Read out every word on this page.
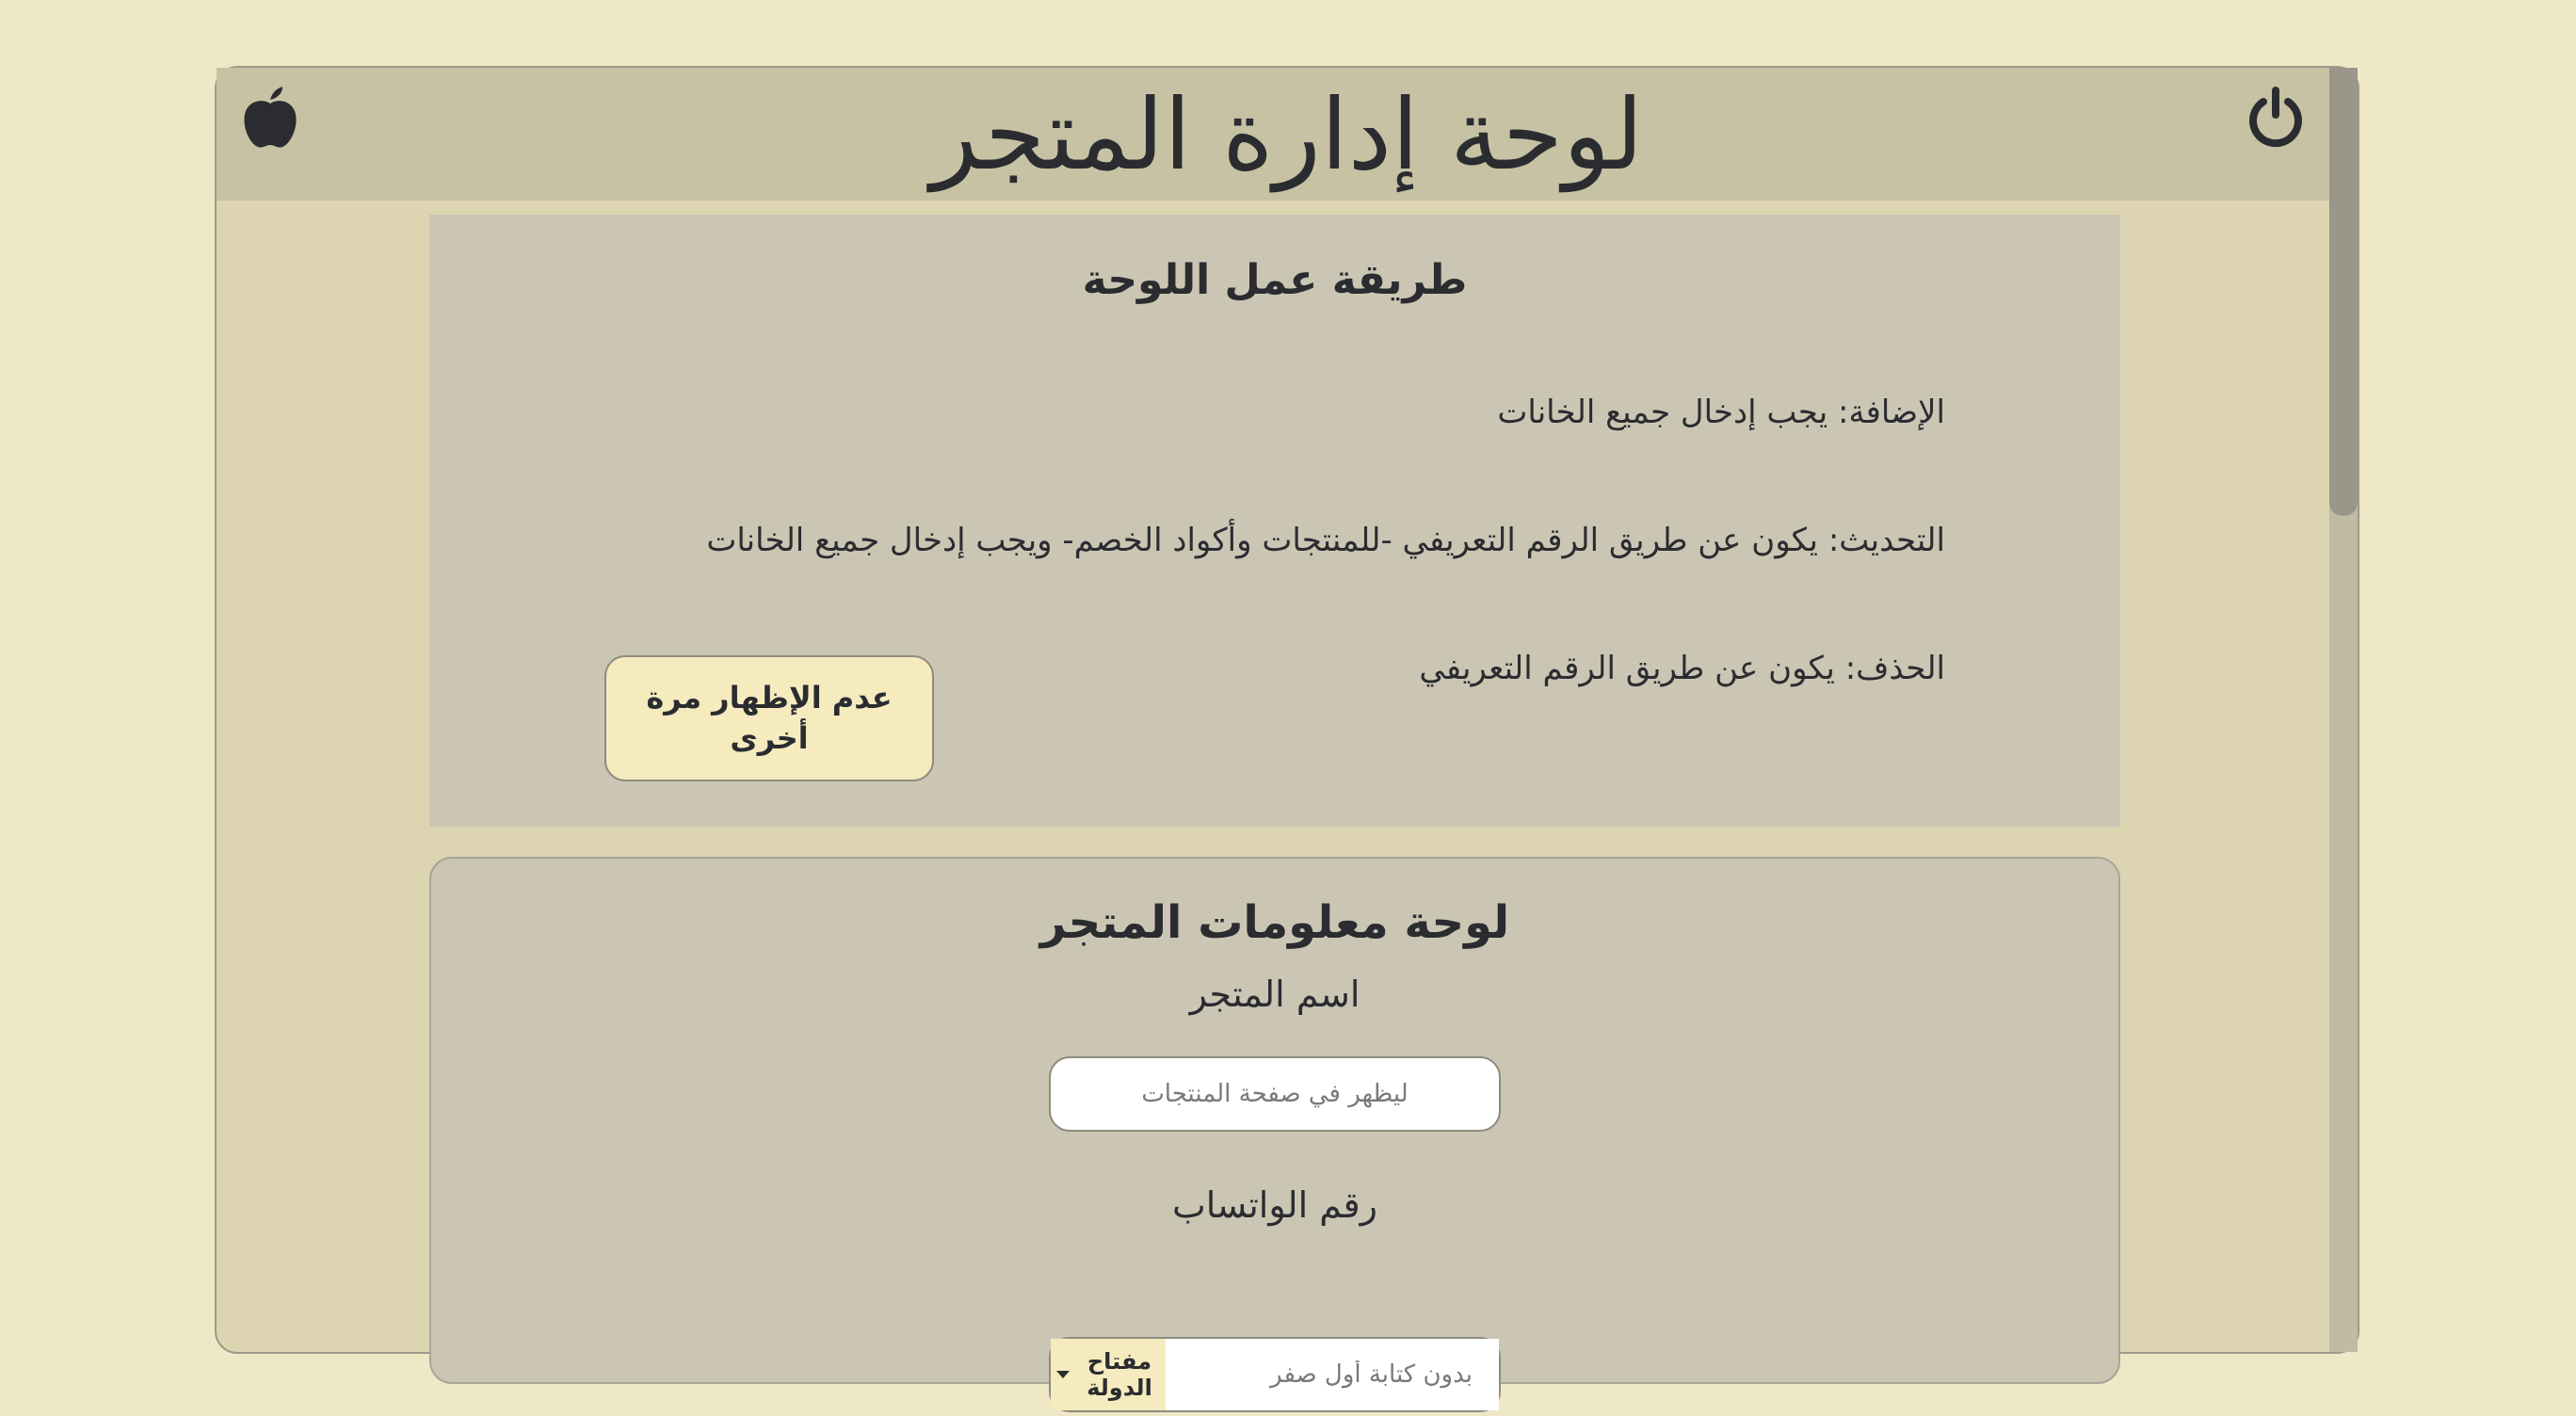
لوحة إدارة المتجر
طريقة عمل اللوحة
الإضافة: يجب إدخال جميع الخانات
التحديث: يكون عن طريق الرقم التعريفي -للمنتجات وأكواد الخصم- ويجب إدخال جميع الخانات
الحذف: يكون عن طريق الرقم التعريفي
عدم الإظهار مرة أخرى
لوحة معلومات المتجر
اسم المتجر
ليظهر في صفحة المنتجات
رقم الواتساب
مفتاح الدولة
بدون كتابة أول صفر
